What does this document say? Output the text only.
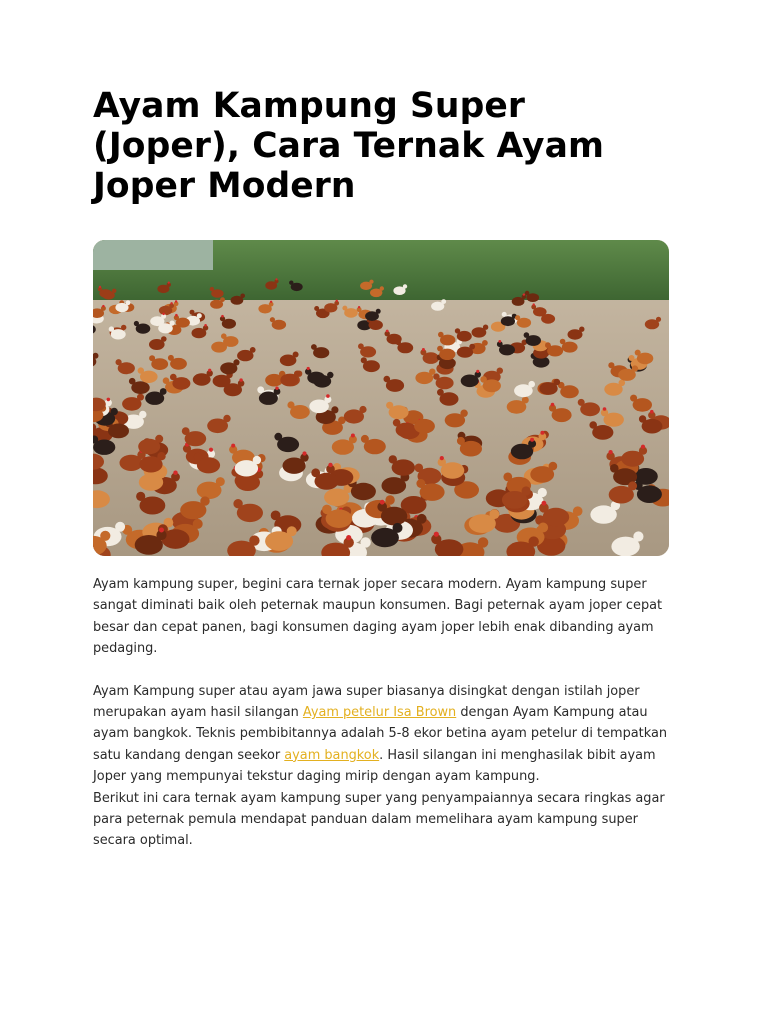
Ayam Kampung Super (Joper), Cara Ternak Ayam Joper Modern

Ayam kampung super, begini cara ternak joper secara modern. Ayam kampung super sangat diminati baik oleh peternak maupun konsumen. Bagi peternak ayam joper cepat besar dan cepat panen, bagi konsumen daging ayam joper lebih enak dibanding ayam pedaging.

Ayam Kampung super atau ayam jawa super biasanya disingkat dengan istilah joper merupakan ayam hasil silangan Ayam petelur Isa Brown dengan Ayam Kampung atau ayam bangkok. Teknis pembibitannya adalah 5-8 ekor betina ayam petelur di tempatkan satu kandang dengan seekor ayam bangkok. Hasil silangan ini menghasilak bibit ayam Joper yang mempunyai tekstur daging mirip dengan ayam kampung.

Berikut ini cara ternak ayam kampung super yang penyampaiannya secara ringkas agar para peternak pemula mendapat panduan dalam memelihara ayam kampung super secara optimal.
